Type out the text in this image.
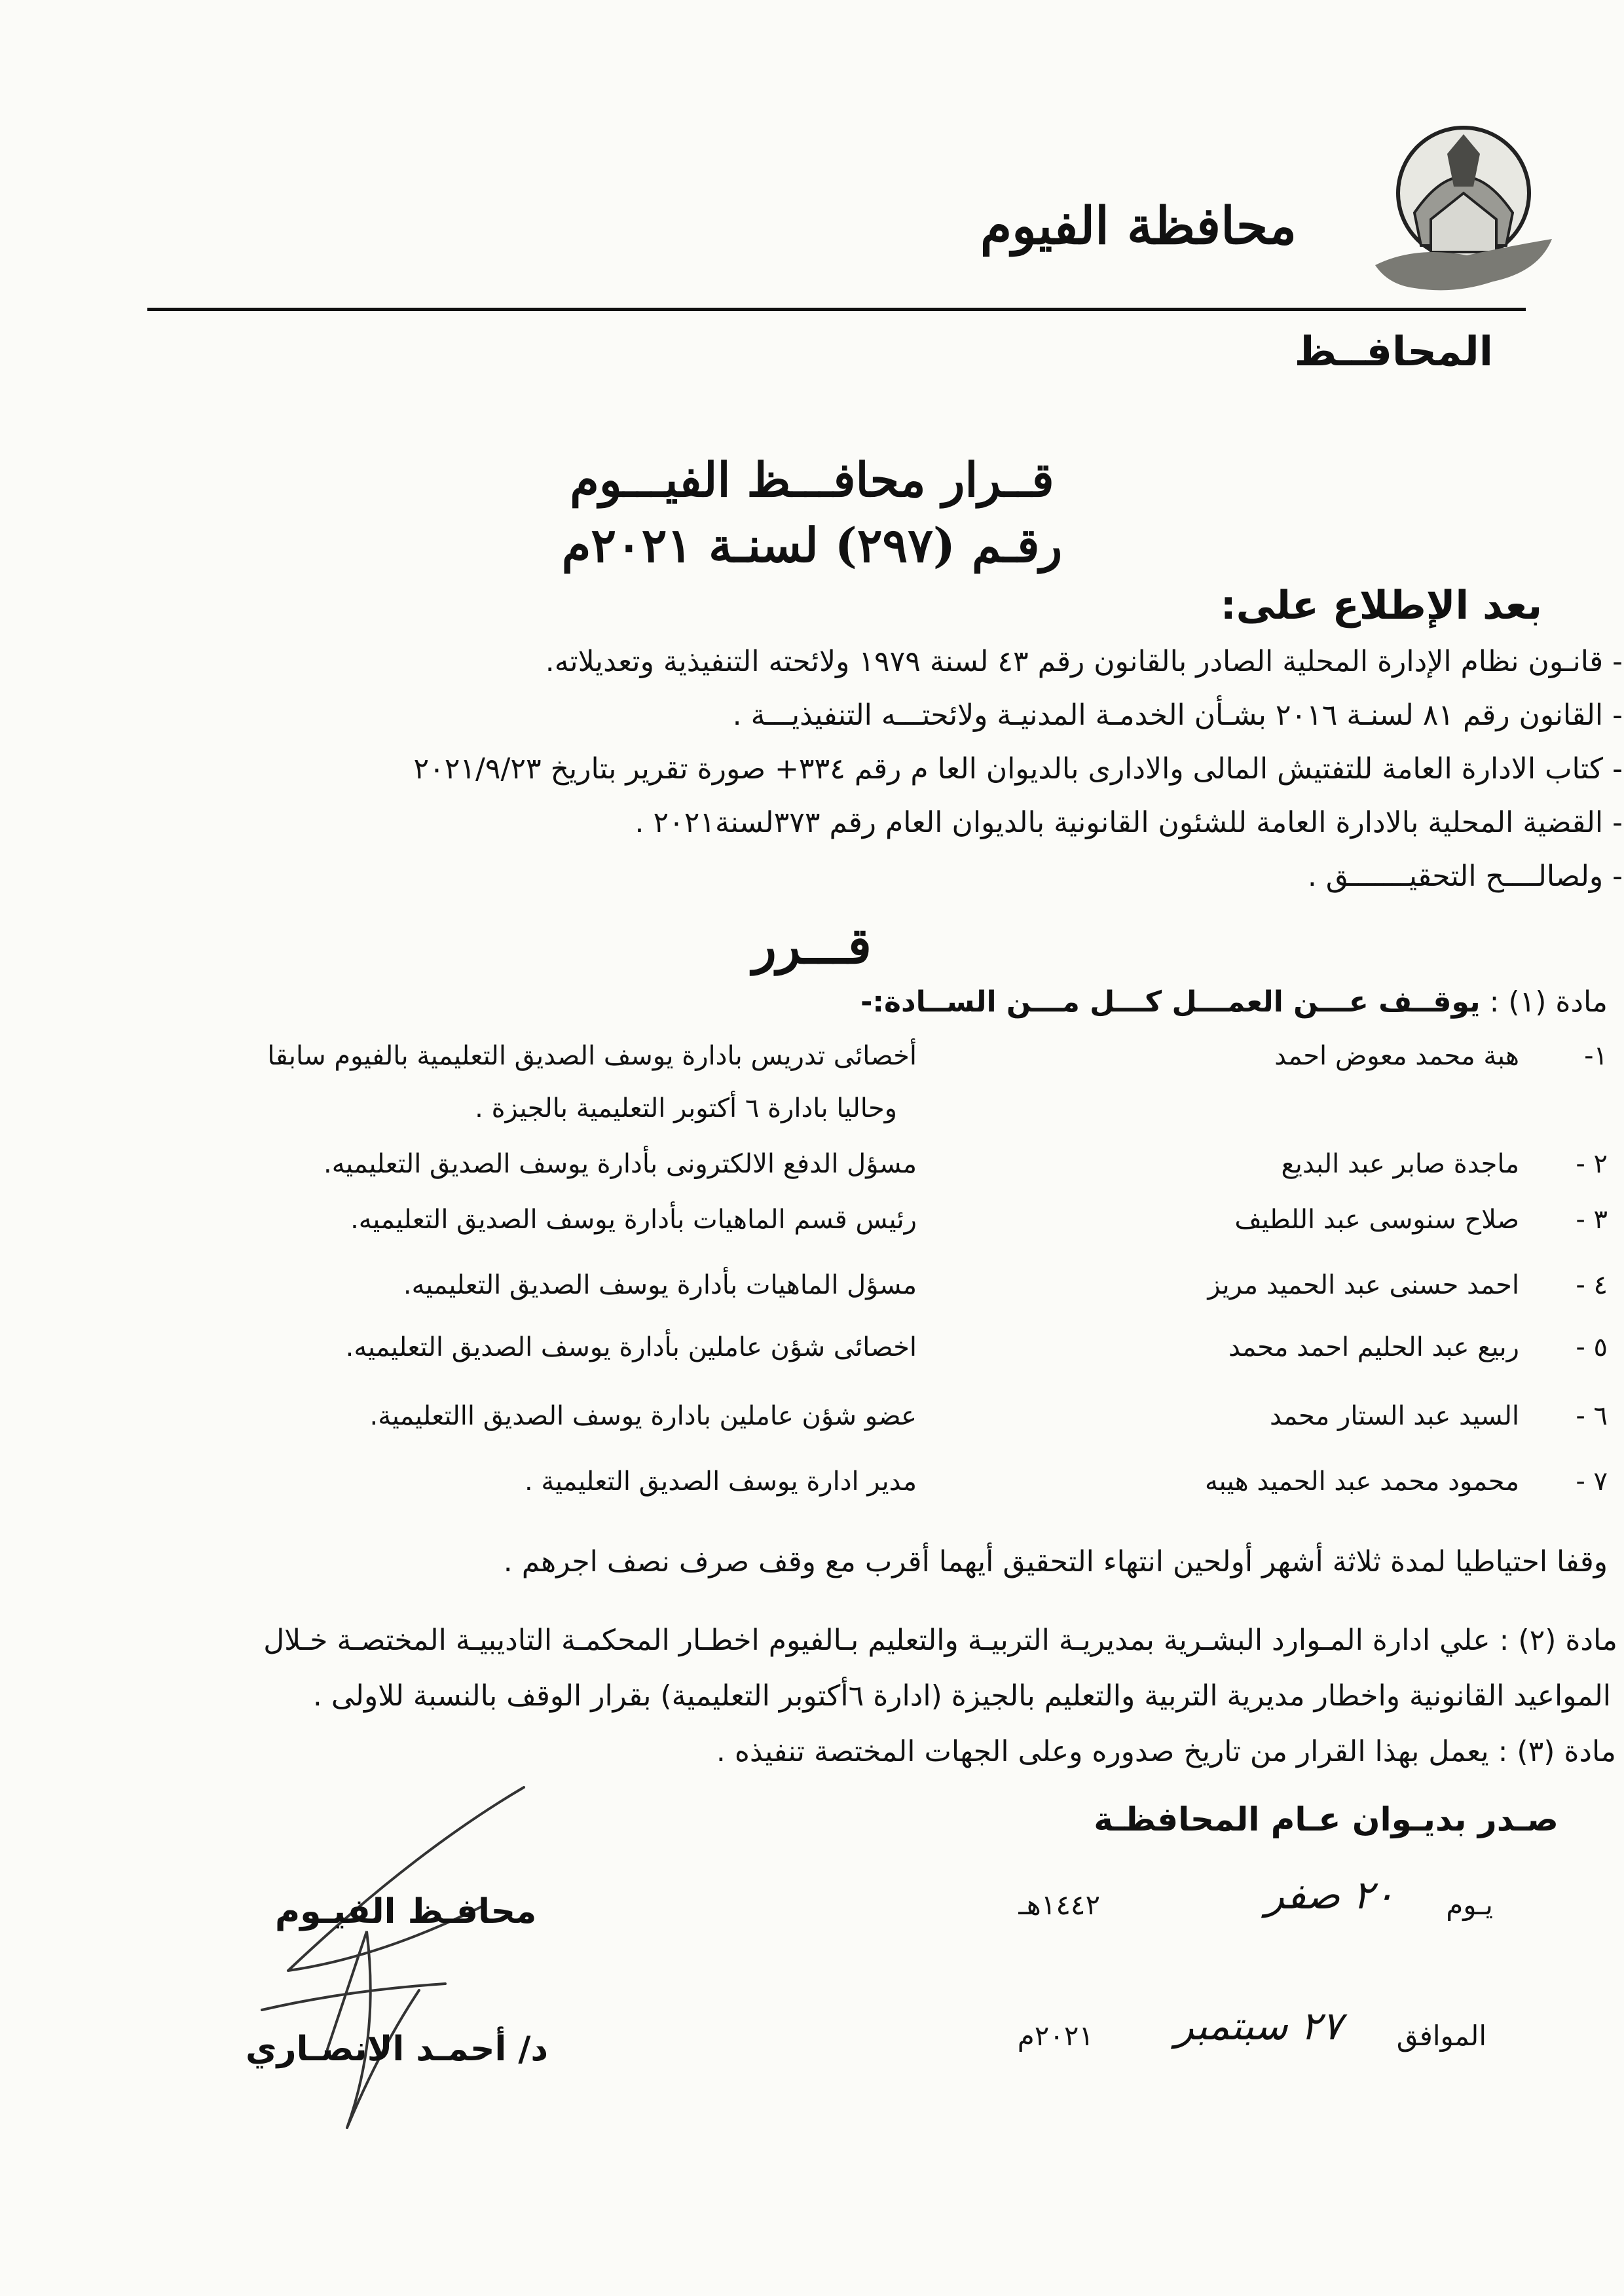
محافظة الفيوم
المحافــظ
قــرار محافـــظ الفيـــوم
رقـم (٢٩٧) لسنـة ٢٠٢١م
بعد الإطلاع على:
- قانـون نظام الإدارة المحلية الصادر بالقانون رقم ٤٣ لسنة ١٩٧٩ ولائحته التنفيذية وتعديلاته.
- القانون رقم ٨١ لسنـة ٢٠١٦ بشـأن الخدمـة المدنيـة ولائحتـــه التنفيذيـــة .
- كتاب الادارة العامة للتفتيش المالى والادارى بالديوان العا م رقم ٣٣٤+ صورة تقرير بتاريخ ٢٠٢١/٩/٢٣
- القضية المحلية بالادارة العامة للشئون القانونية بالديوان العام رقم ٣٧٣لسنة٢٠٢١ .
- ولصالــــح التحقيـــــــق .
قـــرر
مادة (١) : يوقــف عـــن العمـــل كـــل مـــن الســادة:-
١-
هبة محمد معوض احمد
أخصائى تدريس بادارة يوسف الصديق التعليمية بالفيوم سابقا
وحاليا بادارة ٦ أكتوبر التعليمية بالجيزة .
٢ -
ماجدة صابر عبد البديع
مسؤل الدفع الالكترونى بأدارة يوسف الصديق التعليميه.
٣ -
صلاح سنوسى عبد اللطيف
رئيس قسم الماهيات بأدارة يوسف الصديق التعليميه.
٤ -
احمد حسنى عبد الحميد مريز
مسؤل الماهيات بأدارة يوسف الصديق التعليميه.
٥ -
ربيع عبد الحليم احمد محمد
اخصائى شؤن عاملين بأدارة يوسف الصديق التعليميه.
٦ -
السيد عبد الستار محمد
عضو شؤن عاملين بادارة يوسف الصديق االتعليمية.
٧ -
محمود محمد عبد الحميد هيبه
مدير ادارة يوسف الصديق التعليمية .
وقفا احتياطيا لمدة ثلاثة أشهر أولحين انتهاء التحقيق أيهما أقرب مع وقف صرف نصف اجرهم .
مادة (٢) : علي ادارة المـوارد البشـرية بمديريـة التربيـة والتعليم بـالفيوم اخطـار المحكمـة التاديبيـة المختصـة خـلال
المواعيد القانونية واخطار مديرية التربية والتعليم بالجيزة (ادارة ٦أكتوبر التعليمية) بقرار الوقف بالنسبة للاولى .
مادة (٣) : يعمل بهذا القرار من تاريخ صدوره وعلى الجهات المختصة تنفيذه .
صـدر بديـوان عـام المحافظـة
محافـظ الفيـوم
د/ أحمـد الانصـاري
يـوم
٢٠ صفر
١٤٤٢هـ
الموافق
٢٧ سبتمبر
٢٠٢١م
